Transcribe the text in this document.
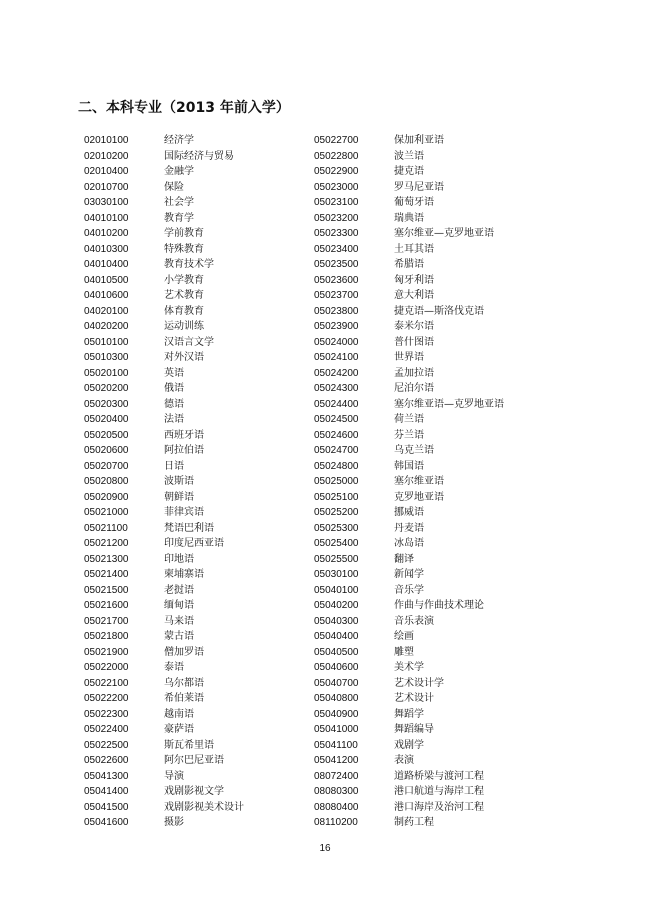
二、本科专业（2013 年前入学）
02010100	经济学
02010200	国际经济与贸易
02010400	金融学
02010700	保险
03030100	社会学
04010100	教育学
04010200	学前教育
04010300	特殊教育
04010400	教育技术学
04010500	小学教育
04010600	艺术教育
04020100	体育教育
04020200	运动训练
05010100	汉语言文学
05010300	对外汉语
05020100	英语
05020200	俄语
05020300	德语
05020400	法语
05020500	西班牙语
05020600	阿拉伯语
05020700	日语
05020800	波斯语
05020900	朝鲜语
05021000	菲律宾语
05021100	梵语巴利语
05021200	印度尼西亚语
05021300	印地语
05021400	柬埔寨语
05021500	老挝语
05021600	缅甸语
05021700	马来语
05021800	蒙古语
05021900	僧加罗语
05022000	泰语
05022100	乌尔都语
05022200	希伯莱语
05022300	越南语
05022400	豪萨语
05022500	斯瓦希里语
05022600	阿尔巴尼亚语
05041300	导演
05041400	戏剧影视文学
05041500	戏剧影视美术设计
05041600	摄影
05022700	保加利亚语
05022800	波兰语
05022900	捷克语
05023000	罗马尼亚语
05023100	葡萄牙语
05023200	瑞典语
05023300	塞尔维亚—克罗地亚语
05023400	土耳其语
05023500	希腊语
05023600	匈牙利语
05023700	意大利语
05023800	捷克语—斯洛伐克语
05023900	泰米尔语
05024000	普什图语
05024100	世界语
05024200	孟加拉语
05024300	尼泊尔语
05024400	塞尔维亚语—克罗地亚语
05024500	荷兰语
05024600	芬兰语
05024700	乌克兰语
05024800	韩国语
05025000	塞尔维亚语
05025100	克罗地亚语
05025200	挪威语
05025300	丹麦语
05025400	冰岛语
05025500	翻译
05030100	新闻学
05040100	音乐学
05040200	作曲与作曲技术理论
05040300	音乐表演
05040400	绘画
05040500	雕塑
05040600	美术学
05040700	艺术设计学
05040800	艺术设计
05040900	舞蹈学
05041000	舞蹈编导
05041100	戏剧学
05041200	表演
08072400	道路桥梁与渡河工程
08080300	港口航道与海岸工程
08080400	港口海岸及治河工程
08110200	制药工程
16
